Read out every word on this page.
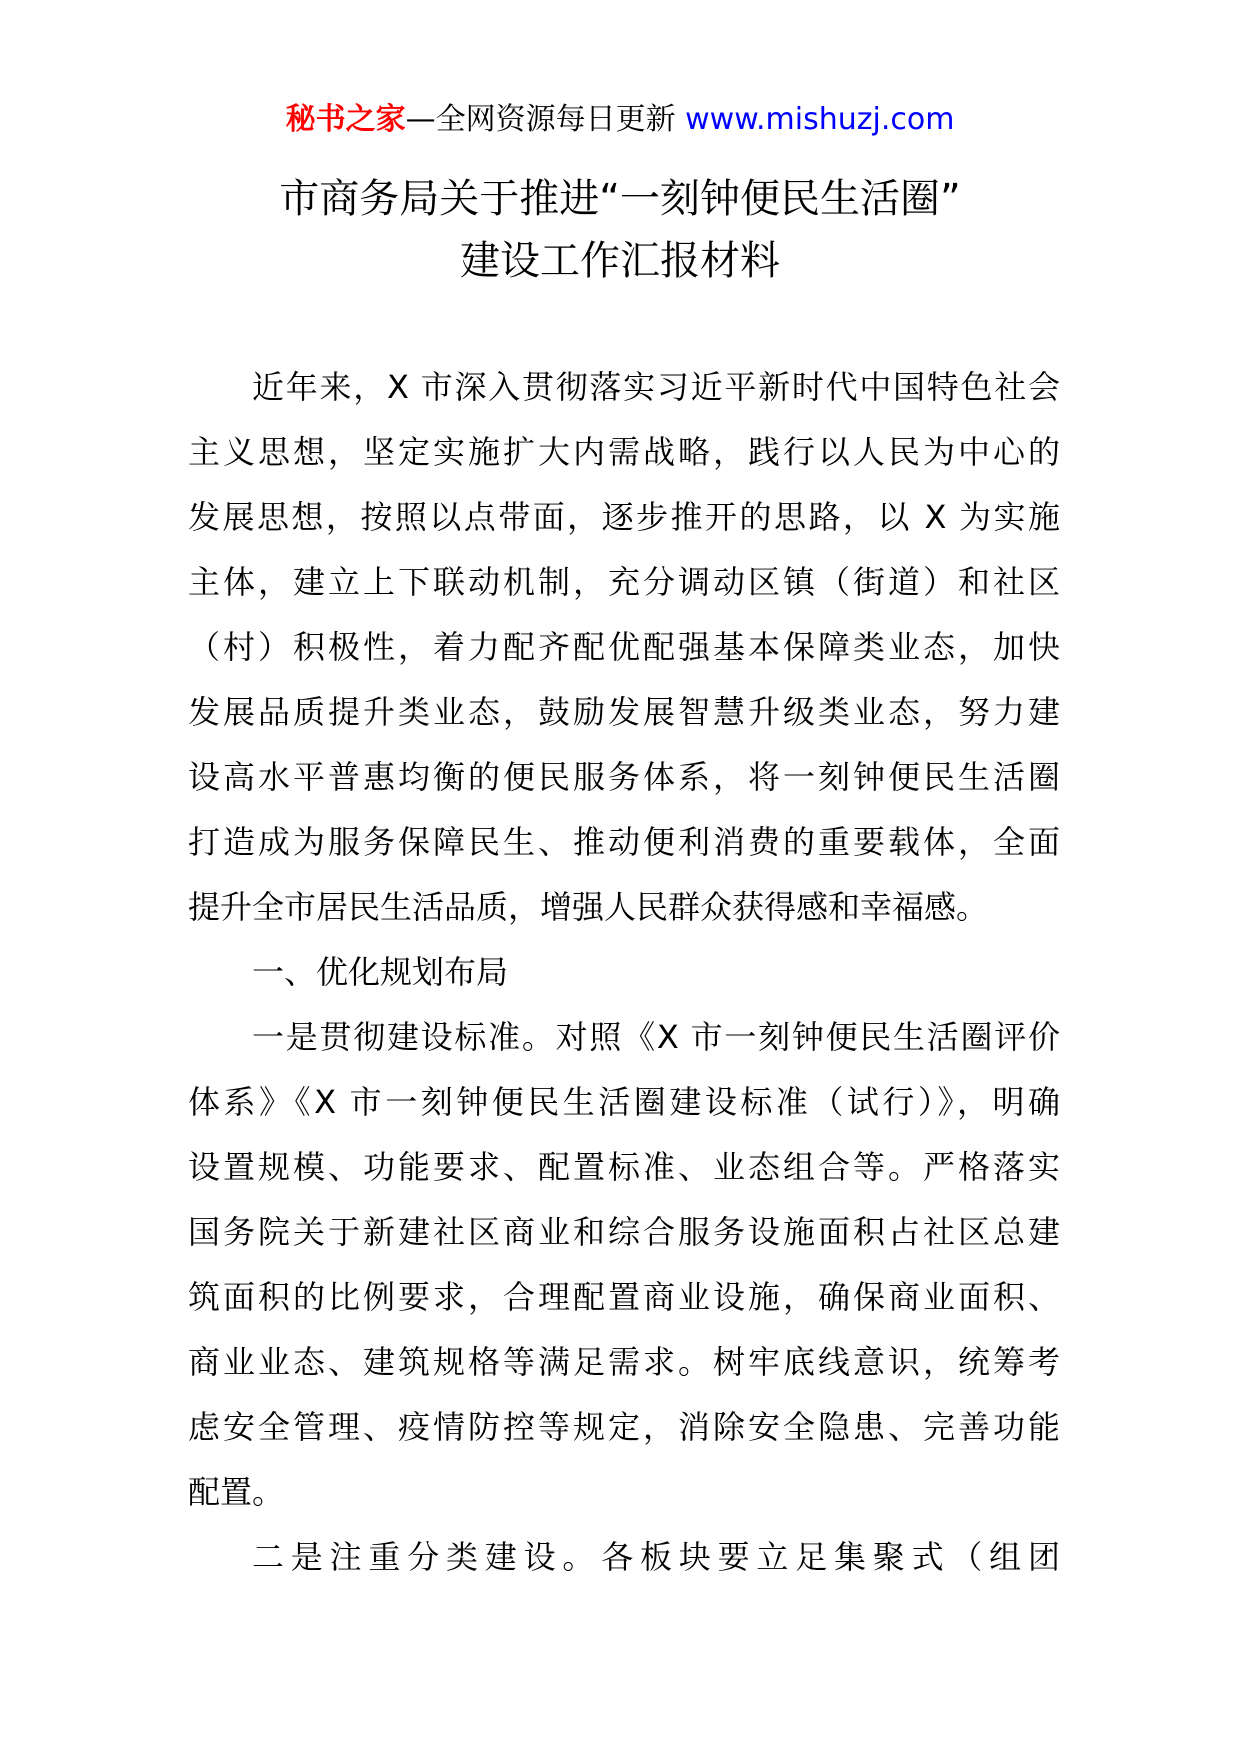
秘书之家—全网资源每日更新 www.mishuzj.com
市商务局关于推进“一刻钟便民生活圈”
建设工作汇报材料
近年来，X 市深入贯彻落实习近平新时代中国特色社会
主义思想，坚定实施扩大内需战略，践行以人民为中心的
发展思想，按照以点带面，逐步推开的思路，以 X 为实施
主体，建立上下联动机制，充分调动区镇（街道）和社区
（村）积极性，着力配齐配优配强基本保障类业态，加快
发展品质提升类业态，鼓励发展智慧升级类业态，努力建
设高水平普惠均衡的便民服务体系，将一刻钟便民生活圈
打造成为服务保障民生、推动便利消费的重要载体，全面
提升全市居民生活品质，增强人民群众获得感和幸福感。
一、优化规划布局
一是贯彻建设标准。对照《X 市一刻钟便民生活圈评价
体系》《X 市一刻钟便民生活圈建设标准（试行）》，明确
设置规模、功能要求、配置标准、业态组合等。严格落实
国务院关于新建社区商业和综合服务设施面积占社区总建
筑面积的比例要求，合理配置商业设施，确保商业面积、
商业业态、建筑规格等满足需求。树牢底线意识，统筹考
虑安全管理、疫情防控等规定，消除安全隐患、完善功能
配置。
二是注重分类建设。各板块要立足集聚式（组团
